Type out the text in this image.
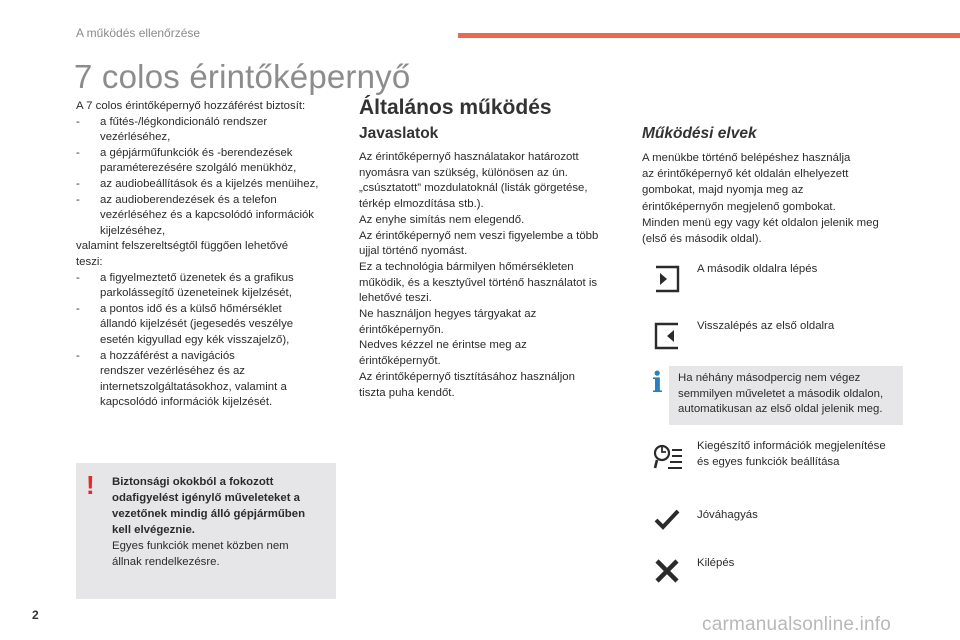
A működés ellenőrzése
7 colos érintőképernyő
A 7 colos érintőképernyő hozzáférést biztosít:
- a fűtés-/légkondicionáló rendszer
vezérléséhez,
- a gépjárműfunkciók és -berendezések
paraméterezésére szolgáló menükhöz,
- az audiobeállítások és a kijelzés menüihez,
- az audioberendezések és a telefon
vezérléséhez és a kapcsolódó információk
kijelzéséhez,
valamint felszereltségtől függően lehetővé
teszi:
- a figyelmeztető üzenetek és a grafikus
parkolássegítő üzeneteinek kijelzését,
- a pontos idő és a külső hőmérséklet
állandó kijelzését (jegesedés veszélye
esetén kigyullad egy kék visszajelző),
- a hozzáférést a navigációs
rendszer vezérléséhez és az
internetszolgáltatásokhoz, valamint a
kapcsolódó információk kijelzését.
! Biztonsági okokból a fokozott
odafigyelést igénylő műveleteket a
vezetőnek mindig álló gépjárműben
kell elvégeznie.
Egyes funkciók menet közben nem
állnak rendelkezésre.
Általános működés
Javaslatok
Az érintőképernyő használatakor határozott
nyomásra van szükség, különösen az ún.
„csúsztatott” mozdulatoknál (listák görgetése,
térkép elmozdítása stb.).
Az enyhe simítás nem elegendő.
Az érintőképernyő nem veszi figyelembe a több
ujjal történő nyomást.
Ez a technológia bármilyen hőmérsékleten
működik, és a kesztyűvel történő használatot is
lehetővé teszi.
Ne használjon hegyes tárgyakat az
érintőképernyőn.
Nedves kézzel ne érintse meg az
érintőképernyőt.
Az érintőképernyő tisztításához használjon
tiszta puha kendőt.
Működési elvek
A menükbe történő belépéshez használja
az érintőképernyő két oldalán elhelyezett
gombokat, majd nyomja meg az
érintőképernyőn megjelenő gombokat.
Minden menü egy vagy két oldalon jelenik meg
(első és második oldal).
A második oldalra lépés
Visszalépés az első oldalra
i Ha néhány másodpercig nem végez
semmilyen műveletet a második oldalon,
automatikusan az első oldal jelenik meg.
Kiegészítő információk megjelenítése
és egyes funkciók beállítása
Jóváhagyás
Kilépés
2	carmanualsonline.info
